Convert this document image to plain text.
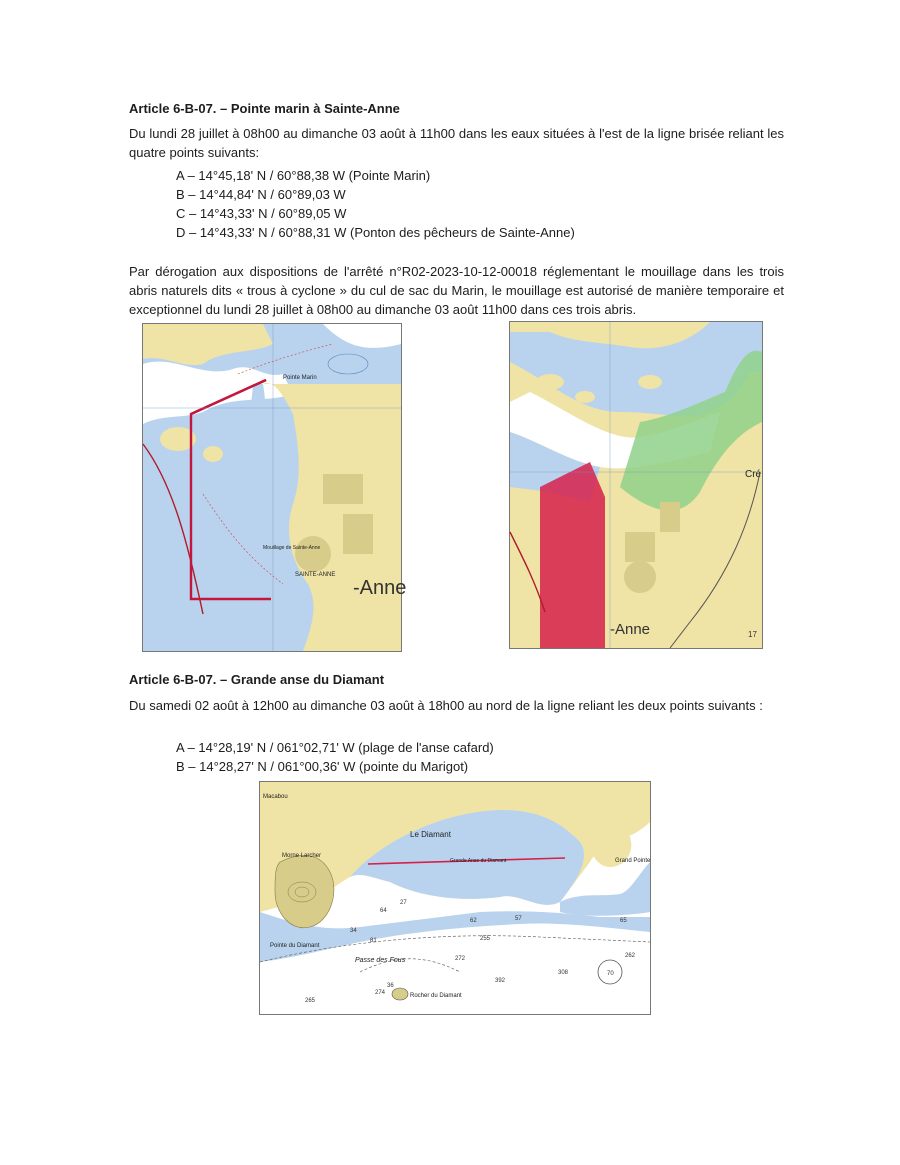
Article 6-B-07. – Pointe marin à Sainte-Anne
Du lundi 28 juillet à 08h00 au dimanche 03 août à 11h00 dans les eaux situées à l'est de la ligne brisée reliant les quatre points suivants:
A – 14°45,18' N / 60°88,38 W (Pointe Marin)
B – 14°44,84' N / 60°89,03 W
C – 14°43,33' N / 60°89,05 W
D – 14°43,33' N / 60°88,31 W (Ponton des pêcheurs de Sainte-Anne)
Par dérogation aux dispositions de l'arrêté n°R02-2023-10-12-00018 réglementant le mouillage dans les trois abris naturels dits « trous à cyclone » du cul de sac du Marin, le mouillage est autorisé de manière temporaire et exceptionnel du lundi 28 juillet à 08h00 au dimanche 03 août 11h00 dans ces trois abris.
Pointe Marin
SAINTE-ANNE
Mouillage de Sainte-Anne
-Anne
Cré
-Anne	17
Article 6-B-07. – Grande anse du Diamant
Du samedi 02 août à 12h00 au dimanche 03 août à 18h00 au nord de la ligne reliant les deux points suivants :
A – 14°28,19' N / 061°02,71' W (plage de l'anse cafard)
B – 14°28,27' N / 061°00,36' W (pointe du Marigot)
Le Diamant
Grande Anse du Diamant	Grand Pointe
Morne Larcher
Pointe du Diamant
Passe des Fous
Rocher du Diamant
Macabou
64
81
34
62	57	65
255
272	262
70
308
392
274
265
36
27
